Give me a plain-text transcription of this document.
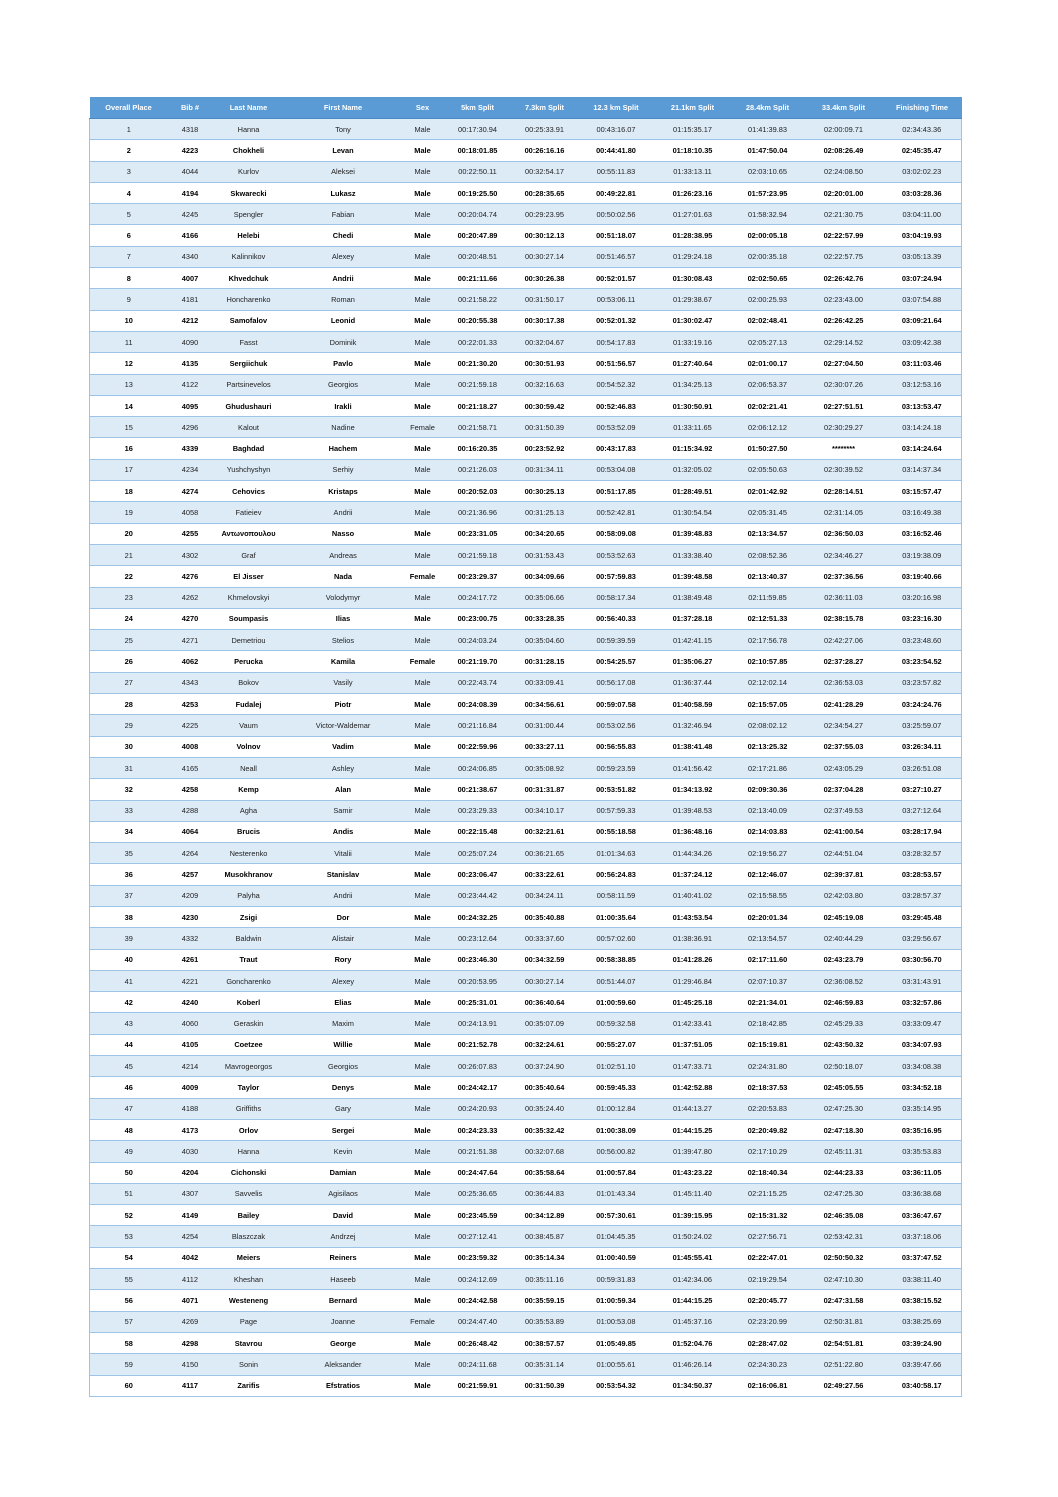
Overall Place	Bib #	Last Name	First Name	Sex	5km Split	7.3km Split	12.3 km Split	21.1km Split	28.4km Split	33.4km Split	Finishing Time
1	4318	Hanna	Tony	Male	00:17:30.94	00:25:33.91	00:43:16.07	01:15:35.17	01:41:39.83	02:00:09.71	02:34:43.36
2	4223	Chokheli	Levan	Male	00:18:01.85	00:26:16.16	00:44:41.80	01:18:10.35	01:47:50.04	02:08:26.49	02:45:35.47
3	4044	Kurlov	Aleksei	Male	00:22:50.11	00:32:54.17	00:55:11.83	01:33:13.11	02:03:10.65	02:24:08.50	03:02:02.23
4	4194	Skwarecki	Lukasz	Male	00:19:25.50	00:28:35.65	00:49:22.81	01:26:23.16	01:57:23.95	02:20:01.00	03:03:28.36
5	4245	Spengler	Fabian	Male	00:20:04.74	00:29:23.95	00:50:02.56	01:27:01.63	01:58:32.94	02:21:30.75	03:04:11.00
6	4166	Helebi	Chedi	Male	00:20:47.89	00:30:12.13	00:51:18.07	01:28:38.95	02:00:05.18	02:22:57.99	03:04:19.93
7	4340	Kalinnikov	Alexey	Male	00:20:48.51	00:30:27.14	00:51:46.57	01:29:24.18	02:00:35.18	02:22:57.75	03:05:13.39
8	4007	Khvedchuk	Andrii	Male	00:21:11.66	00:30:26.38	00:52:01.57	01:30:08.43	02:02:50.65	02:26:42.76	03:07:24.94
9	4181	Honcharenko	Roman	Male	00:21:58.22	00:31:50.17	00:53:06.11	01:29:38.67	02:00:25.93	02:23:43.00	03:07:54.88
10	4212	Samofalov	Leonid	Male	00:20:55.38	00:30:17.38	00:52:01.32	01:30:02.47	02:02:48.41	02:26:42.25	03:09:21.64
11	4090	Fasst	Dominik	Male	00:22:01.33	00:32:04.67	00:54:17.83	01:33:19.16	02:05:27.13	02:29:14.52	03:09:42.38
12	4135	Sergiichuk	Pavlo	Male	00:21:30.20	00:30:51.93	00:51:56.57	01:27:40.64	02:01:00.17	02:27:04.50	03:11:03.46
13	4122	Partsinevelos	Georgios	Male	00:21:59.18	00:32:16.63	00:54:52.32	01:34:25.13	02:06:53.37	02:30:07.26	03:12:53.16
14	4095	Ghudushauri	Irakli	Male	00:21:18.27	00:30:59.42	00:52:46.83	01:30:50.91	02:02:21.41	02:27:51.51	03:13:53.47
15	4296	Kalout	Nadine	Female	00:21:58.71	00:31:50.39	00:53:52.09	01:33:11.65	02:06:12.12	02:30:29.27	03:14:24.18
16	4339	Baghdad	Hachem	Male	00:16:20.35	00:23:52.92	00:43:17.83	01:15:34.92	01:50:27.50	********	03:14:24.64
17	4234	Yushchyshyn	Serhiy	Male	00:21:26.03	00:31:34.11	00:53:04.08	01:32:05.02	02:05:50.63	02:30:39.52	03:14:37.34
18	4274	Cehovics	Kristaps	Male	00:20:52.03	00:30:25.13	00:51:17.85	01:28:49.51	02:01:42.92	02:28:14.51	03:15:57.47
19	4058	Fatieiev	Andrii	Male	00:21:36.96	00:31:25.13	00:52:42.81	01:30:54.54	02:05:31.45	02:31:14.05	03:16:49.38
20	4255	Αντωνοπουλου	Nasso	Male	00:23:31.05	00:34:20.65	00:58:09.08	01:39:48.83	02:13:34.57	02:36:50.03	03:16:52.46
21	4302	Graf	Andreas	Male	00:21:59.18	00:31:53.43	00:53:52.63	01:33:38.40	02:08:52.36	02:34:46.27	03:19:38.09
22	4276	El Jisser	Nada	Female	00:23:29.37	00:34:09.66	00:57:59.83	01:39:48.58	02:13:40.37	02:37:36.56	03:19:40.66
23	4262	Khmelovskyi	Volodymyr	Male	00:24:17.72	00:35:06.66	00:58:17.34	01:38:49.48	02:11:59.85	02:36:11.03	03:20:16.98
24	4270	Soumpasis	Ilias	Male	00:23:00.75	00:33:28.35	00:56:40.33	01:37:28.18	02:12:51.33	02:38:15.78	03:23:16.30
25	4271	Demetriou	Stelios	Male	00:24:03.24	00:35:04.60	00:59:39.59	01:42:41.15	02:17:56.78	02:42:27.06	03:23:48.60
26	4062	Perucka	Kamila	Female	00:21:19.70	00:31:28.15	00:54:25.57	01:35:06.27	02:10:57.85	02:37:28.27	03:23:54.52
27	4343	Bokov	Vasily	Male	00:22:43.74	00:33:09.41	00:56:17.08	01:36:37.44	02:12:02.14	02:36:53.03	03:23:57.82
28	4253	Fudalej	Piotr	Male	00:24:08.39	00:34:56.61	00:59:07.58	01:40:58.59	02:15:57.05	02:41:28.29	03:24:24.76
29	4225	Vaum	Victor-Waldemar	Male	00:21:16.84	00:31:00.44	00:53:02.56	01:32:46.94	02:08:02.12	02:34:54.27	03:25:59.07
30	4008	Volnov	Vadim	Male	00:22:59.96	00:33:27.11	00:56:55.83	01:38:41.48	02:13:25.32	02:37:55.03	03:26:34.11
31	4165	Neall	Ashley	Male	00:24:06.85	00:35:08.92	00:59:23.59	01:41:56.42	02:17:21.86	02:43:05.29	03:26:51.08
32	4258	Kemp	Alan	Male	00:21:38.67	00:31:31.87	00:53:51.82	01:34:13.92	02:09:30.36	02:37:04.28	03:27:10.27
33	4288	Agha	Samir	Male	00:23:29.33	00:34:10.17	00:57:59.33	01:39:48.53	02:13:40.09	02:37:49.53	03:27:12.64
34	4064	Brucis	Andis	Male	00:22:15.48	00:32:21.61	00:55:18.58	01:36:48.16	02:14:03.83	02:41:00.54	03:28:17.94
35	4264	Nesterenko	Vitalii	Male	00:25:07.24	00:36:21.65	01:01:34.63	01:44:34.26	02:19:56.27	02:44:51.04	03:28:32.57
36	4257	Musokhranov	Stanislav	Male	00:23:06.47	00:33:22.61	00:56:24.83	01:37:24.12	02:12:46.07	02:39:37.81	03:28:53.57
37	4209	Palyha	Andrii	Male	00:23:44.42	00:34:24.11	00:58:11.59	01:40:41.02	02:15:58.55	02:42:03.80	03:28:57.37
38	4230	Zsigi	Dor	Male	00:24:32.25	00:35:40.88	01:00:35.64	01:43:53.54	02:20:01.34	02:45:19.08	03:29:45.48
39	4332	Baldwin	Alistair	Male	00:23:12.64	00:33:37.60	00:57:02.60	01:38:36.91	02:13:54.57	02:40:44.29	03:29:56.67
40	4261	Traut	Rory	Male	00:23:46.30	00:34:32.59	00:58:38.85	01:41:28.26	02:17:11.60	02:43:23.79	03:30:56.70
41	4221	Goncharenko	Alexey	Male	00:20:53.95	00:30:27.14	00:51:44.07	01:29:46.84	02:07:10.37	02:36:08.52	03:31:43.91
42	4240	Koberl	Elias	Male	00:25:31.01	00:36:40.64	01:00:59.60	01:45:25.18	02:21:34.01	02:46:59.83	03:32:57.86
43	4060	Geraskin	Maxim	Male	00:24:13.91	00:35:07.09	00:59:32.58	01:42:33.41	02:18:42.85	02:45:29.33	03:33:09.47
44	4105	Coetzee	Willie	Male	00:21:52.78	00:32:24.61	00:55:27.07	01:37:51.05	02:15:19.81	02:43:50.32	03:34:07.93
45	4214	Mavrogeorgos	Georgios	Male	00:26:07.83	00:37:24.90	01:02:51.10	01:47:33.71	02:24:31.80	02:50:18.07	03:34:08.38
46	4009	Taylor	Denys	Male	00:24:42.17	00:35:40.64	00:59:45.33	01:42:52.88	02:18:37.53	02:45:05.55	03:34:52.18
47	4188	Griffiths	Gary	Male	00:24:20.93	00:35:24.40	01:00:12.84	01:44:13.27	02:20:53.83	02:47:25.30	03:35:14.95
48	4173	Orlov	Sergei	Male	00:24:23.33	00:35:32.42	01:00:38.09	01:44:15.25	02:20:49.82	02:47:18.30	03:35:16.95
49	4030	Hanna	Kevin	Male	00:21:51.38	00:32:07.68	00:56:00.82	01:39:47.80	02:17:10.29	02:45:11.31	03:35:53.83
50	4204	Cichonski	Damian	Male	00:24:47.64	00:35:58.64	01:00:57.84	01:43:23.22	02:18:40.34	02:44:23.33	03:36:11.05
51	4307	Savvelis	Agisilaos	Male	00:25:36.65	00:36:44.83	01:01:43.34	01:45:11.40	02:21:15.25	02:47:25.30	03:36:38.68
52	4149	Bailey	David	Male	00:23:45.59	00:34:12.89	00:57:30.61	01:39:15.95	02:15:31.32	02:46:35.08	03:36:47.67
53	4254	Blaszczak	Andrzej	Male	00:27:12.41	00:38:45.87	01:04:45.35	01:50:24.02	02:27:56.71	02:53:42.31	03:37:18.06
54	4042	Meiers	Reiners	Male	00:23:59.32	00:35:14.34	01:00:40.59	01:45:55.41	02:22:47.01	02:50:50.32	03:37:47.52
55	4112	Kheshan	Haseeb	Male	00:24:12.69	00:35:11.16	00:59:31.83	01:42:34.06	02:19:29.54	02:47:10.30	03:38:11.40
56	4071	Westeneng	Bernard	Male	00:24:42.58	00:35:59.15	01:00:59.34	01:44:15.25	02:20:45.77	02:47:31.58	03:38:15.52
57	4269	Page	Joanne	Female	00:24:47.40	00:35:53.89	01:00:53.08	01:45:37.16	02:23:20.99	02:50:31.81	03:38:25.69
58	4298	Stavrou	George	Male	00:26:48.42	00:38:57.57	01:05:49.85	01:52:04.76	02:28:47.02	02:54:51.81	03:39:24.90
59	4150	Sonin	Aleksander	Male	00:24:11.68	00:35:31.14	01:00:55.61	01:46:26.14	02:24:30.23	02:51:22.80	03:39:47.66
60	4117	Zarifis	Efstratios	Male	00:21:59.91	00:31:50.39	00:53:54.32	01:34:50.37	02:16:06.81	02:49:27.56	03:40:58.17
